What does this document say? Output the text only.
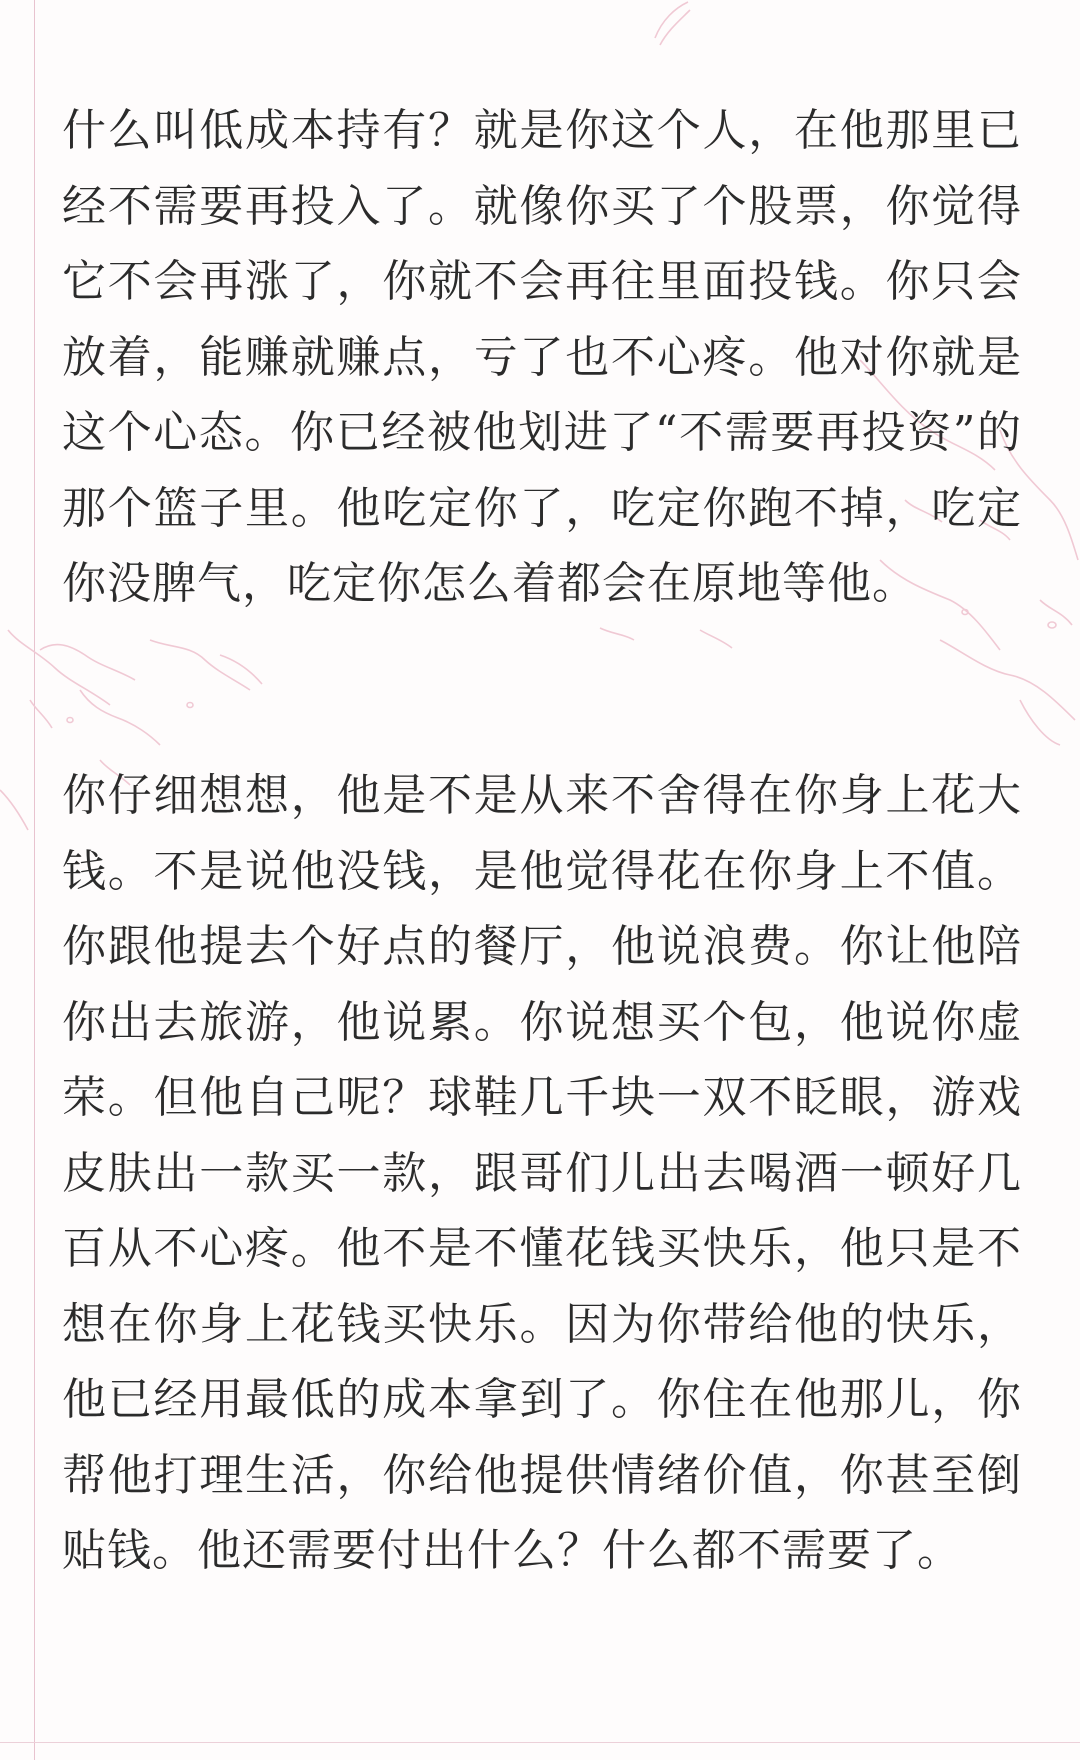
什么叫低成本持有？就是你这个人，在他那里已经不需要再投入了。就像你买了个股票，你觉得它不会再涨了，你就不会再往里面投钱。你只会放着，能赚就赚点，亏了也不心疼。他对你就是这个心态。你已经被他划进了“不需要再投资”的那个篮子里。他吃定你了，吃定你跑不掉，吃定你没脾气，吃定你怎么着都会在原地等他。

你仔细想想，他是不是从来不舍得在你身上花大钱。不是说他没钱，是他觉得花在你身上不值。你跟他提去个好点的餐厅，他说浪费。你让他陪你出去旅游，他说累。你说想买个包，他说你虚荣。但他自己呢？球鞋几千块一双不眨眼，游戏皮肤出一款买一款，跟哥们儿出去喝酒一顿好几百从不心疼。他不是不懂花钱买快乐，他只是不想在你身上花钱买快乐。因为你带给他的快乐，他已经用最低的成本拿到了。你住在他那儿，你帮他打理生活，你给他提供情绪价值，你甚至倒贴钱。他还需要付出什么？什么都不需要了。
